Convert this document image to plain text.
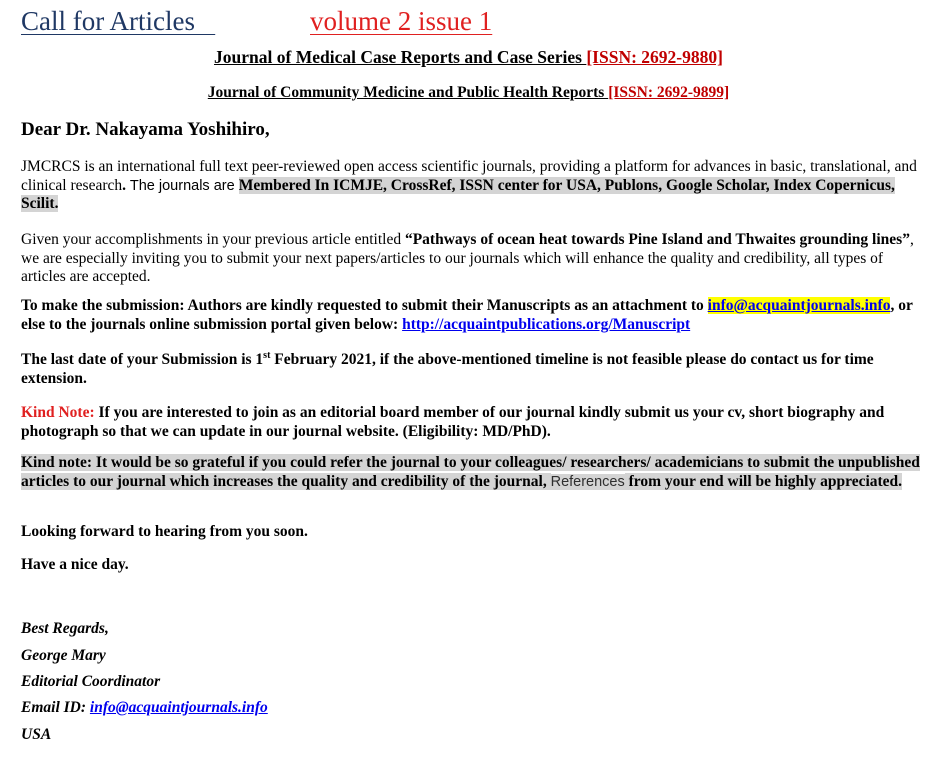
Call for Articles	volume 2 issue 1
Journal of Medical Case Reports and Case Series [ISSN: 2692-9880]
Journal of Community Medicine and Public Health Reports [ISSN: 2692-9899]
Dear Dr. Nakayama Yoshihiro,
JMCRCS is an international full text peer-reviewed open access scientific journals, providing a platform for advances in basic, translational, and clinical research. The journals are Membered In ICMJE, CrossRef, ISSN center for USA, Publons, Google Scholar, Index Copernicus, Scilit.
Given your accomplishments in your previous article entitled “Pathways of ocean heat towards Pine Island and Thwaites grounding lines”, we are especially inviting you to submit your next papers/articles to our journals which will enhance the quality and credibility, all types of articles are accepted.
To make the submission: Authors are kindly requested to submit their Manuscripts as an attachment to info@acquaintjournals.info, or else to the journals online submission portal given below: http://acquaintpublications.org/Manuscript
The last date of your Submission is 1st February 2021, if the above-mentioned timeline is not feasible please do contact us for time extension.
Kind Note: If you are interested to join as an editorial board member of our journal kindly submit us your cv, short biography and photograph so that we can update in our journal website. (Eligibility: MD/PhD).
Kind note: It would be so grateful if you could refer the journal to your colleagues/ researchers/ academicians to submit the unpublished articles to our journal which increases the quality and credibility of the journal, References from your end will be highly appreciated.
Looking forward to hearing from you soon.
Have a nice day.
Best Regards,
George Mary
Editorial Coordinator
Email ID: info@acquaintjournals.info
USA
